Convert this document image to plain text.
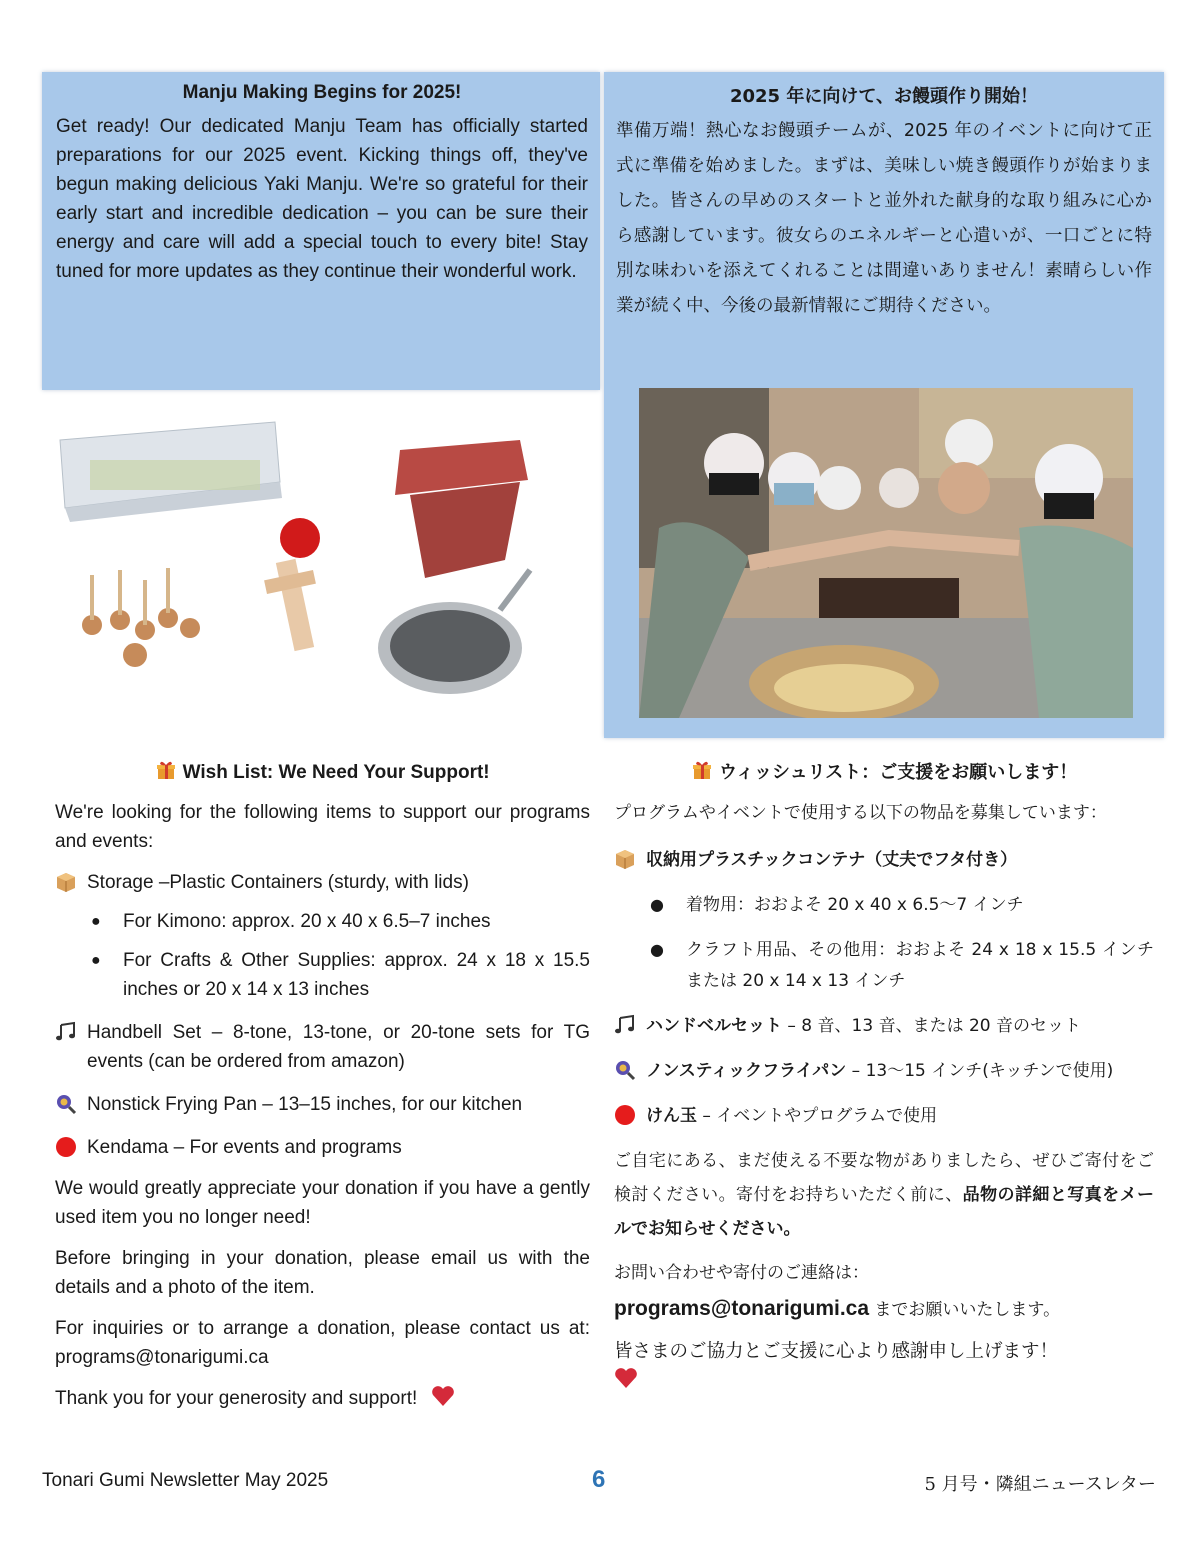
Manju Making Begins for 2025!
Get ready! Our dedicated Manju Team has officially started preparations for our 2025 event. Kicking things off, they've begun making delicious Yaki Manju. We're so grateful for their early start and incredible dedication – you can be sure their energy and care will add a special touch to every bite! Stay tuned for more updates as they continue their wonderful work.
2025 年に向けて、お饅頭作り開始！
準備万端！熱心なお饅頭チームが、2025 年のイベントに向けて正式に準備を始めました。まずは、美味しい焼き饅頭作りが始まりました。皆さんの早めのスタートと並外れた献身的な取り組みに心から感謝しています。彼女らのエネルギーと心遣いが、一口ごとに特別な味わいを添えてくれることは間違いありません！素晴らしい作業が続く中、今後の最新情報にご期待ください。
Wish List: We Need Your Support!

We're looking for the following items to support our programs and events:

Storage –Plastic Containers (sturdy, with lids)
● For Kimono: approx. 20 x 40 x 6.5–7 inches
● For Crafts & Other Supplies: approx. 24 x 18 x 15.5 inches or 20 x 14 x 13 inches
Handbell Set – 8-tone, 13-tone, or 20-tone sets for TG events (can be ordered from amazon)
Nonstick Frying Pan – 13–15 inches, for our kitchen
Kendama – For events and programs

We would greatly appreciate your donation if you have a gently used item you no longer need!

Before bringing in your donation, please email us with the details and a photo of the item.

For inquiries or to arrange a donation, please contact us at: programs@tonarigumi.ca

Thank you for your generosity and support!

ウィッシュリスト：ご支援をお願いします！

プログラムやイベントで使用する以下の物品を募集しています：

収納用プラスチックコンテナ（丈夫でフタ付き）
● 着物用：おおよそ 20 x 40 x 6.5～7 インチ
● クラフト用品、その他用：おおよそ 24 x 18 x 15.5 インチ または 20 x 14 x 13 インチ
ハンドベルセット – 8 音、13 音、または 20 音のセット
ノンスティックフライパン – 13～15 インチ(キッチンで使用)
けん玉 – イベントやプログラムで使用

ご自宅にある、まだ使える不要な物がありましたら、ぜひご寄付をご検討ください。寄付をお持ちいただく前に、品物の詳細と写真をメールでお知らせください。

お問い合わせや寄付のご連絡は：

programs@tonarigumi.ca までお願いいたします。

皆さまのご協力とご支援に心より感謝申し上げます！

Tonari Gumi Newsletter May 2025	6	5 月号・隣組ニュースレター
